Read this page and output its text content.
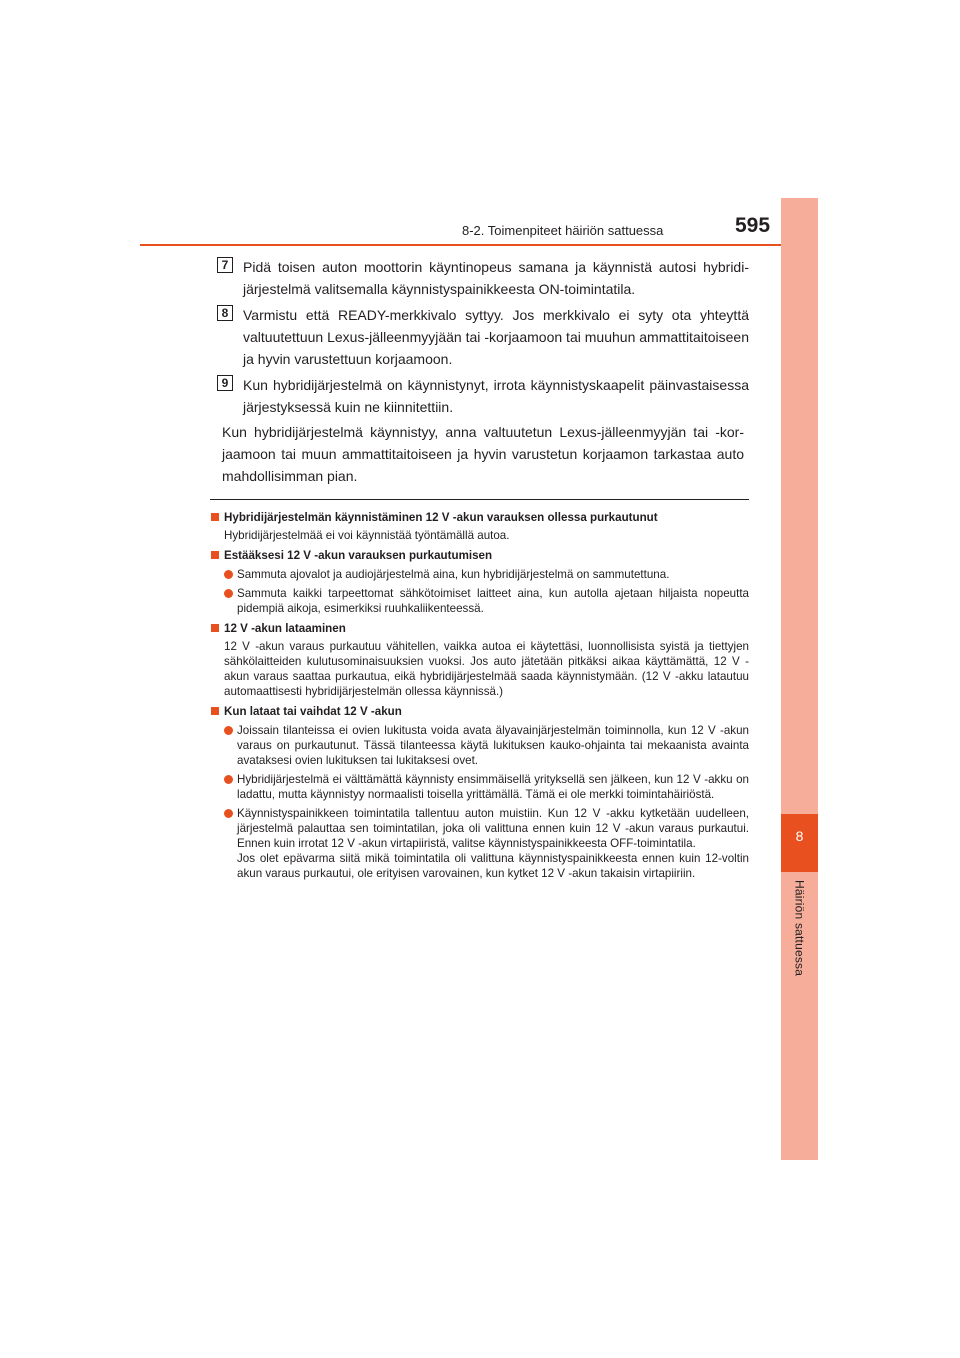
8-2. Toimenpiteet häiriön sattuessa	595
8
Häiriön sattuessa
7	Pidä toisen auton moottorin käyntinopeus samana ja käynnistä autosi hybridijärjestelmä valitsemalla käynnistyspainikkeesta ON-toimintatila.
8	Varmistu että READY-merkkivalo syttyy. Jos merkkivalo ei syty ota yhteyttä valtuutettuun Lexus-jälleenmyyjään tai -korjaamoon tai muuhun ammattitaitoiseen ja hyvin varustettuun korjaamoon.
9	Kun hybridijärjestelmä on käynnistynyt, irrota käynnistyskaapelit päinvastaisessa järjestyksessä kuin ne kiinnitettiin.
Kun hybridijärjestelmä käynnistyy, anna valtuutetun Lexus-jälleenmyyjän tai -korjaamoon tai muun ammattitaitoiseen ja hyvin varustetun korjaamon tarkastaa auto mahdollisimman pian.
Hybridijärjestelmän käynnistäminen 12 V -akun varauksen ollessa purkautunut
Hybridijärjestelmää ei voi käynnistää työntämällä autoa.
Estääksesi 12 V -akun varauksen purkautumisen
Sammuta ajovalot ja audiojärjestelmä aina, kun hybridijärjestelmä on sammutettuna.
Sammuta kaikki tarpeettomat sähkötoimiset laitteet aina, kun autolla ajetaan hiljaista nopeutta pidempiä aikoja, esimerkiksi ruuhkaliikenteessä.
12 V -akun lataaminen
12 V -akun varaus purkautuu vähitellen, vaikka autoa ei käytettäsi, luonnollisista syistä ja tiettyjen sähkölaitteiden kulutusominaisuuksien vuoksi. Jos auto jätetään pitkäksi aikaa käyttämättä, 12 V -akun varaus saattaa purkautua, eikä hybridijärjestelmää saada käynnistymään. (12 V -akku latautuu automaattisesti hybridijärjestelmän ollessa käynnissä.)
Kun lataat tai vaihdat 12 V -akun
Joissain tilanteissa ei ovien lukitusta voida avata älyavainjärjestelmän toiminnolla, kun 12 V -akun varaus on purkautunut. Tässä tilanteessa käytä lukituksen kauko-ohjainta tai mekaanista avainta avataksesi ovien lukituksen tai lukitaksesi ovet.
Hybridijärjestelmä ei välttämättä käynnisty ensimmäisellä yrityksellä sen jälkeen, kun 12 V -akku on ladattu, mutta käynnistyy normaalisti toisella yrittämällä. Tämä ei ole merkki toimintahäiriöstä.
Käynnistyspainikkeen toimintatila tallentuu auton muistiin. Kun 12 V -akku kytketään uudelleen, järjestelmä palauttaa sen toimintatilan, joka oli valittuna ennen kuin 12 V -akun varaus purkautui. Ennen kuin irrotat 12 V -akun virtapiiristä, valitse käynnistyspainikkeesta OFF-toimintatila.
Jos olet epävarma siitä mikä toimintatila oli valittuna käynnistyspainikkeesta ennen kuin 12-voltin akun varaus purkautui, ole erityisen varovainen, kun kytket 12 V -akun takaisin virtapiiriin.
